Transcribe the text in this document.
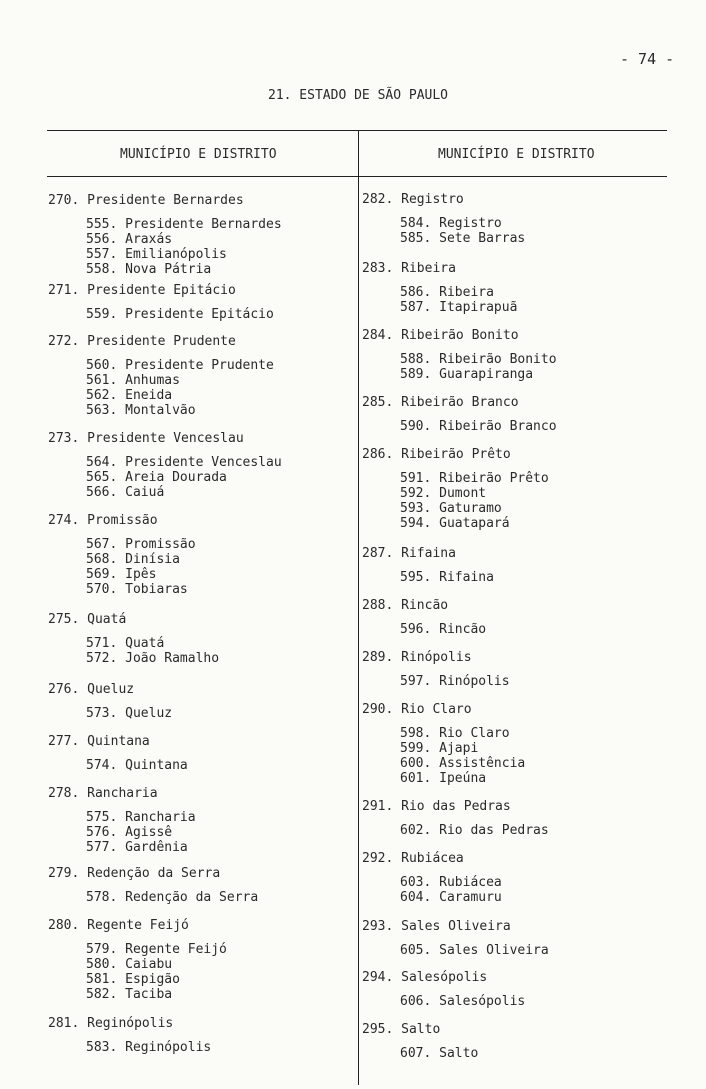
- 74 -
21. ESTADO DE SÃO PAULO
MUNICÍPIO E DISTRITO	MUNICÍPIO E DISTRITO
270. Presidente Bernardes
555. Presidente Bernardes
556. Araxás
557. Emilianópolis
558. Nova Pátria
271. Presidente Epitácio
559. Presidente Epitácio
272. Presidente Prudente
560. Presidente Prudente
561. Anhumas
562. Eneida
563. Montalvão
273. Presidente Venceslau
564. Presidente Venceslau
565. Areia Dourada
566. Caiuá
274. Promissão
567. Promissão
568. Dinísia
569. Ipês
570. Tobiaras
275. Quatá
571. Quatá
572. João Ramalho
276. Queluz
573. Queluz
277. Quintana
574. Quintana
278. Rancharia
575. Rancharia
576. Agissê
577. Gardênia
279. Redenção da Serra
578. Redenção da Serra
280. Regente Feijó
579. Regente Feijó
580. Caiabu
581. Espigão
582. Taciba
281. Reginópolis
583. Reginópolis
282. Registro
584. Registro
585. Sete Barras
283. Ribeira
586. Ribeira
587. Itapirapuã
284. Ribeirão Bonito
588. Ribeirão Bonito
589. Guarapiranga
285. Ribeirão Branco
590. Ribeirão Branco
286. Ribeirão Prêto
591. Ribeirão Prêto
592. Dumont
593. Gaturamo
594. Guatapará
287. Rifaina
595. Rifaina
288. Rincão
596. Rincão
289. Rinópolis
597. Rinópolis
290. Rio Claro
598. Rio Claro
599. Ajapi
600. Assistência
601. Ipeúna
291. Rio das Pedras
602. Rio das Pedras
292. Rubiácea
603. Rubiácea
604. Caramuru
293. Sales Oliveira
605. Sales Oliveira
294. Salesópolis
606. Salesópolis
295. Salto
607. Salto
